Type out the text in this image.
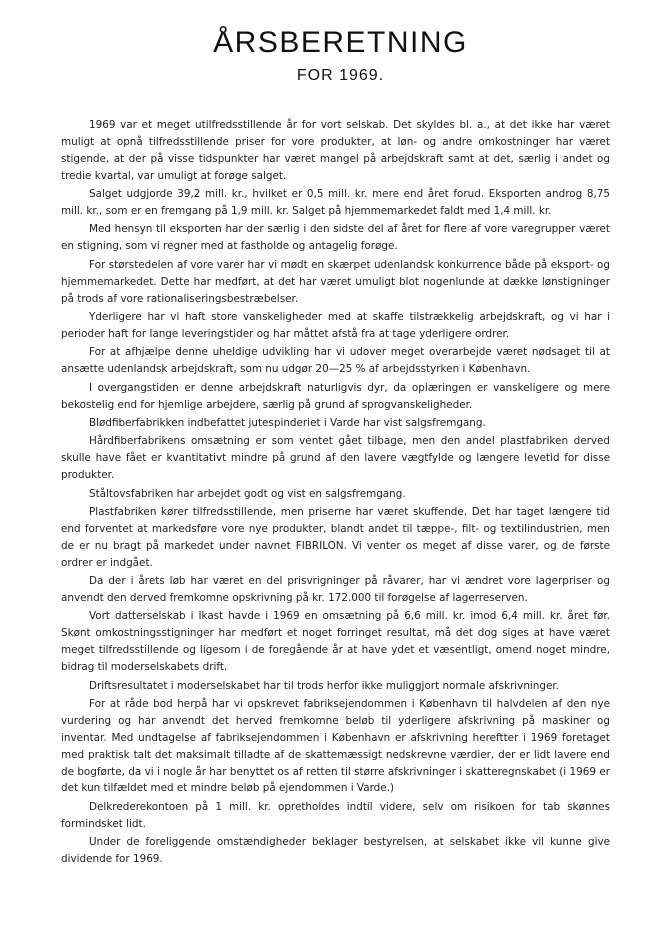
ÅRSBERETNING
FOR 1969.

1969 var et meget utilfredsstillende år for vort selskab. Det skyldes bl. a., at det ikke har været muligt at opnå tilfredsstillende priser for vore produkter, at løn- og andre omkostninger har været stigende, at der på visse tidspunkter har været mangel på arbejdskraft samt at det, særlig i andet og tredie kvartal, var umuligt at forøge salget.

Salget udgjorde 39,2 mill. kr., hvilket er 0,5 mill. kr. mere end året forud. Eksporten androg 8,75 mill. kr., som er en fremgang på 1,9 mill. kr. Salget på hjemmemarkedet faldt med 1,4 mill. kr.

Med hensyn til eksporten har der særlig i den sidste del af året for flere af vore varegrupper været en stigning, som vi regner med at fastholde og antagelig forøge.

For størstedelen af vore varer har vi mødt en skærpet udenlandsk konkurrence både på eksport- og hjemmemarkedet. Dette har medført, at det har været umuligt blot nogenlunde at dække lønstigninger på trods af vore rationaliseringsbestræbelser.

Yderligere har vi haft store vanskeligheder med at skaffe tilstrækkelig arbejdskraft, og vi har i perioder haft for lange leveringstider og har måttet afstå fra at tage yderligere ordrer.

For at afhjælpe denne uheldige udvikling har vi udover meget overarbejde været nødsaget til at ansætte udenlandsk arbejdskraft, som nu udgør 20—25 % af arbejdsstyrken i København.

I overgangstiden er denne arbejdskraft naturligvis dyr, da oplæringen er vanskeligere og mere bekostelig end for hjemlige arbejdere, særlig på grund af sprogvanskeligheder.

Blødfiberfabrikken indbefattet jutespinderiet i Varde har vist salgsfremgang.

Hårdfiberfabrikens omsætning er som ventet gået tilbage, men den andel plastfabriken derved skulle have fået er kvantitativt mindre på grund af den lavere vægtfylde og længere levetid for disse produkter.

Ståltovsfabriken har arbejdet godt og vist en salgsfremgang.

Plastfabriken kører tilfredsstillende, men priserne har været skuffende. Det har taget længere tid end forventet at markedsføre vore nye produkter, blandt andet til tæppe-, filt- og textilindustrien, men de er nu bragt på markedet under navnet FIBRILON. Vi venter os meget af disse varer, og de første ordrer er indgået.

Da der i årets løb har været en del prisvrigninger på råvarer, har vi ændret vore lagerpriser og anvendt den derved fremkomne opskrivning på kr. 172.000 til forøgelse af lagerreserven.

Vort datterselskab i Ikast havde i 1969 en omsætning på 6,6 mill. kr. imod 6,4 mill. kr. året før. Skønt omkostningsstigninger har medført et noget forringet resultat, må det dog siges at have været meget tilfredsstillende og ligesom i de foregående år at have ydet et væsentligt, omend noget mindre, bidrag til moderselskabets drift.

Driftsresultatet i moderselskabet har til trods herfor ikke muliggjort normale afskrivninger.

For at råde bod herpå har vi opskrevet fabriksejendommen i København til halvdelen af den nye vurdering og har anvendt det herved fremkomne beløb til yderligere afskrivning på maskiner og inventar. Med undtagelse af fabriksejendommen i København er afskrivning hereftter i 1969 foretaget med praktisk talt det maksimalt tilladte af de skattemæssigt nedskrevne værdier, der er lidt lavere end de bogførte, da vi i nogle år har benyttet os af retten til større afskrivninger i skatteregnskabet (i 1969 er det kun tilfældet med et mindre beløb på ejendommen i Varde.)

Delkrederekontoen på 1 mill. kr. opretholdes indtil videre, selv om risikoen for tab skønnes formindsket lidt.

Under de foreliggende omstændigheder beklager bestyrelsen, at selskabet ikke vil kunne give dividende for 1969.
